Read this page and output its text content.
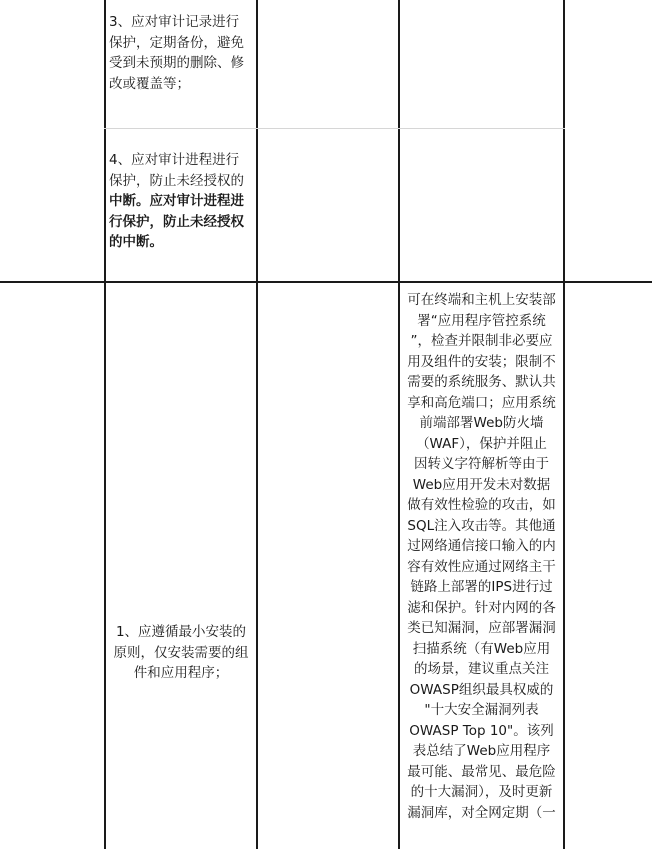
3、应对审计记录进行
保护，定期备份，避免
受到未预期的删除、修
改或覆盖等；
4、应对审计进程进行
保护，防止未经授权的
中断。应对审计进程进
行保护，防止未经授权
的中断。
1、应遵循最小安装的
原则，仅安装需要的组
件和应用程序；
可在终端和主机上安装部
署“应用程序管控系统
”，检查并限制非必要应
用及组件的安装；限制不
需要的系统服务、默认共
享和高危端口；应用系统
前端部署Web防火墙
（WAF），保护并阻止
因转义字符解析等由于
Web应用开发未对数据
做有效性检验的攻击，如
SQL注入攻击等。其他通
过网络通信接口输入的内
容有效性应通过网络主干
链路上部署的IPS进行过
滤和保护。针对内网的各
类已知漏洞，应部署漏洞
扫描系统（有Web应用
的场景，建议重点关注
OWASP组织最具权威的
"十大安全漏洞列表
OWASP Top 10"。该列
表总结了Web应用程序
最可能、最常见、最危险
的十大漏洞），及时更新
漏洞库，对全网定期（一
